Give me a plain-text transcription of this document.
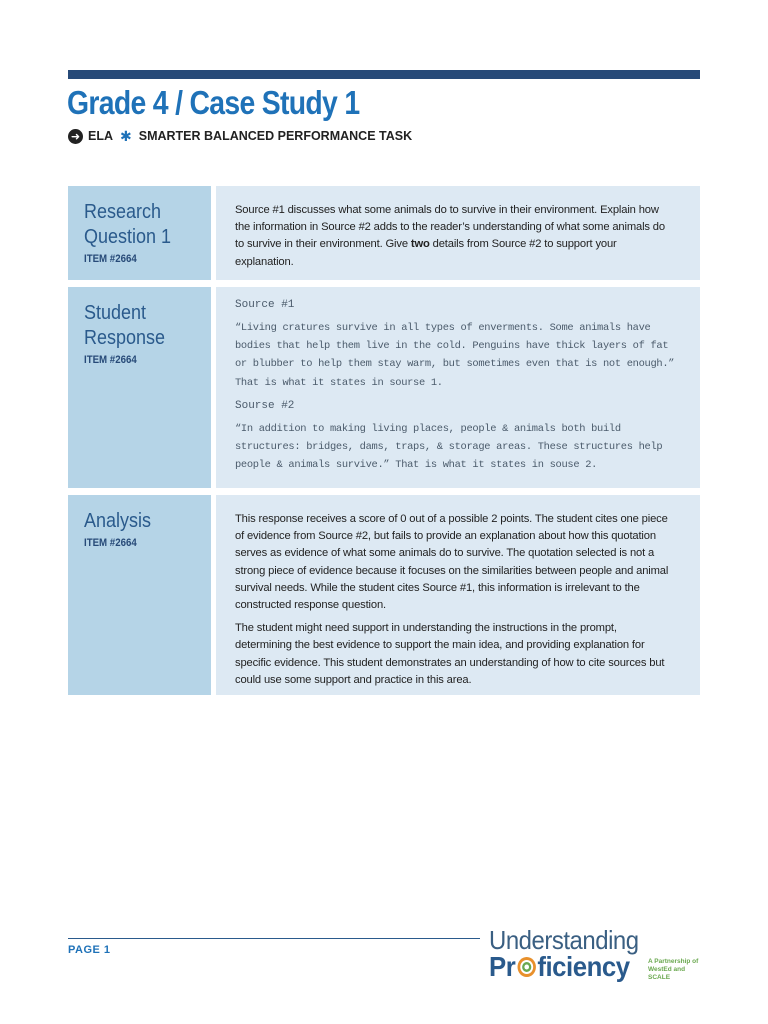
Grade 4 / Case Study 1
➜ ELA ✱ SMARTER BALANCED PERFORMANCE TASK
Research
Question 1
ITEM #2664

Source #1 discusses what some animals do to survive in their environment. Explain how the information in Source #2 adds to the reader’s understanding of what some animals do to survive in their environment. Give two details from Source #2 to support your explanation.

Student
Response
ITEM #2664

Source #1

“Living cratures survive in all types of enverments. Some animals have bodies that help them live in the cold. Penguins have thick layers of fat or blubber to help them stay warm, but sometimes even that is not enough.” That is what it states in sourse 1.

Sourse #2

“In addition to making living places, people & animals both build structures: bridges, dams, traps, & storage areas. These structures help people & animals survive.” That is what it states in souse 2.

Analysis
ITEM #2664

This response receives a score of 0 out of a possible 2 points. The student cites one piece of evidence from Source #2, but fails to provide an explanation about how this quotation serves as evidence of what some animals do to survive. The quotation selected is not a strong piece of evidence because it focuses on the similarities between people and animal survival needs. While the student cites Source #1, this information is irrelevant to the constructed response question.

The student might need support in understanding the instructions in the prompt, determining the best evidence to support the main idea, and providing explanation for specific evidence. This student demonstrates an understanding of how to cite sources but could use some support and practice in this area.

PAGE 1	Understanding
Pr ficiency	A Partnership of WestEd and SCALE
